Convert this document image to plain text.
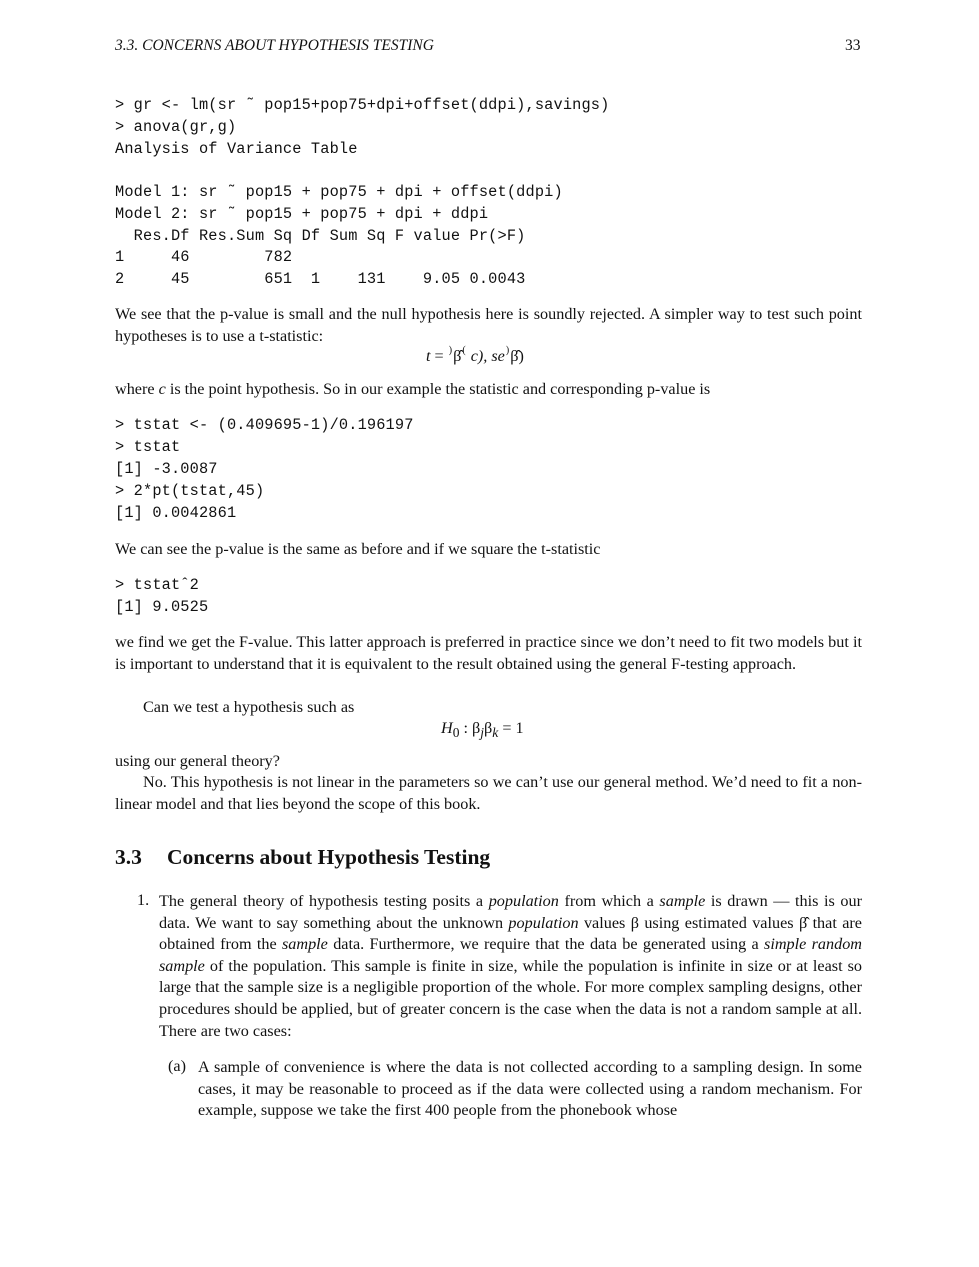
3.3. CONCERNS ABOUT HYPOTHESIS TESTING	33
> gr <- lm(sr ˜ pop15+pop75+dpi+offset(ddpi),savings)
> anova(gr,g)
Analysis of Variance Table
Model 1: sr ˜ pop15 + pop75 + dpi + offset(ddpi)
Model 2: sr ˜ pop15 + pop75 + dpi + ddpi
Res.Df Res.Sum Sq Df Sum Sq F value Pr(>F)
1     46        782
2     45        651  1    131    9.05 0.0043
We see that the p-value is small and the null hypothesis here is soundly rejected. A simpler way to test such point hypotheses is to use a t-statistic:
t = )β̂( c), se)β̂)
where c is the point hypothesis. So in our example the statistic and corresponding p-value is
> tstat <- (0.409695-1)/0.196197
> tstat
[1] -3.0087
> 2*pt(tstat,45)
[1] 0.0042861
We can see the p-value is the same as before and if we square the t-statistic
> tstatˆ2
[1] 9.0525
we find we get the F-value. This latter approach is preferred in practice since we don’t need to fit two models but it is important to understand that it is equivalent to the result obtained using the general F-testing approach.
Can we test a hypothesis such as
$H_0$ : $\beta_j\beta_k = 1$
using our general theory?
No. This hypothesis is not linear in the parameters so we can’t use our general method. We’d need to fit a non-linear model and that lies beyond the scope of this book.
3.3 Concerns about Hypothesis Testing
1. The general theory of hypothesis testing posits a population from which a sample is drawn — this is our data. We want to say something about the unknown population values β using estimated values β̂ that are obtained from the sample data. Furthermore, we require that the data be generated using a simple random sample of the population. This sample is finite in size, while the population is infinite in size or at least so large that the sample size is a negligible proportion of the whole. For more complex sampling designs, other procedures should be applied, but of greater concern is the case when the data is not a random sample at all. There are two cases:
(a) A sample of convenience is where the data is not collected according to a sampling design. In some cases, it may be reasonable to proceed as if the data were collected using a random mechanism. For example, suppose we take the first 400 people from the phonebook whose
